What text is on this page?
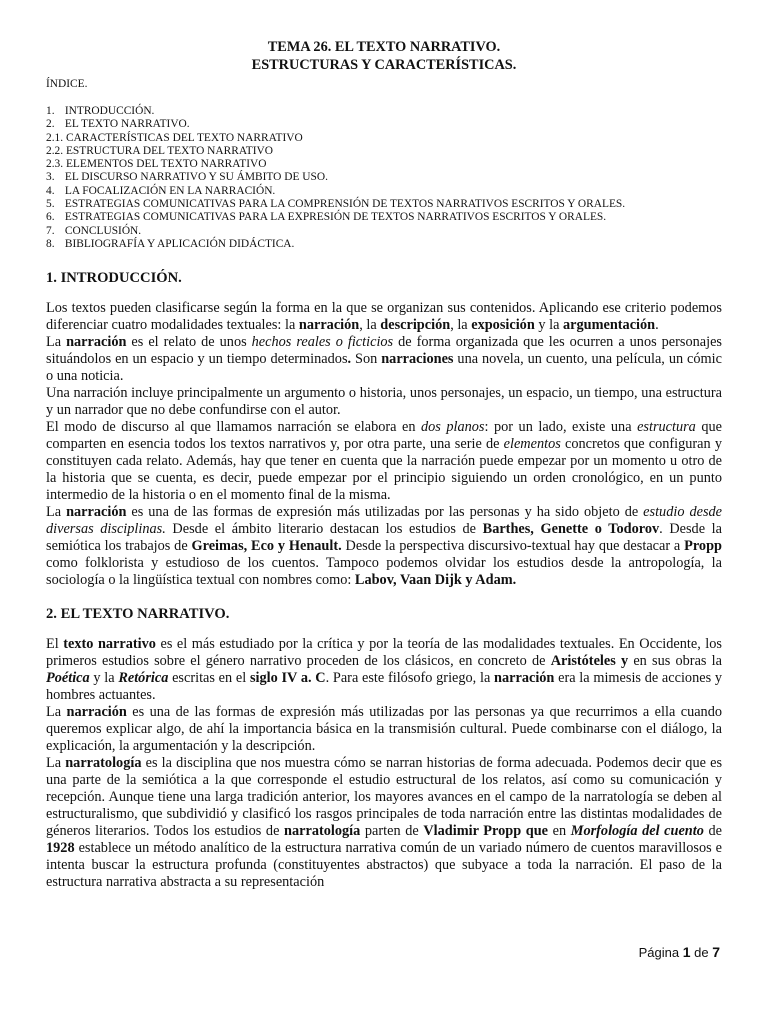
TEMA 26. EL TEXTO NARRATIVO.
ESTRUCTURAS Y CARACTERÍSTICAS.
ÍNDICE.
1. INTRODUCCIÓN.
2. EL TEXTO NARRATIVO.
2.1. CARACTERÍSTICAS DEL TEXTO NARRATIVO
2.2. ESTRUCTURA DEL TEXTO NARRATIVO
2.3. ELEMENTOS DEL TEXTO NARRATIVO
3. EL DISCURSO NARRATIVO Y SU ÁMBITO DE USO.
4. LA FOCALIZACIÓN EN LA NARRACIÓN.
5. ESTRATEGIAS COMUNICATIVAS PARA LA COMPRENSIÓN DE TEXTOS NARRATIVOS ESCRITOS Y ORALES.
6. ESTRATEGIAS COMUNICATIVAS PARA LA EXPRESIÓN DE TEXTOS NARRATIVOS ESCRITOS Y ORALES.
7. CONCLUSIÓN.
8. BIBLIOGRAFÍA Y APLICACIÓN DIDÁCTICA.
1. INTRODUCCIÓN.

Los textos pueden clasificarse según la forma en la que se organizan sus contenidos. Aplicando ese criterio podemos diferenciar cuatro modalidades textuales: la narración, la descripción, la exposición y la argumentación.

La narración es el relato de unos hechos reales o ficticios de forma organizada que les ocurren a unos personajes situándolos en un espacio y un tiempo determinados. Son narraciones una novela, un cuento, una película, un cómic o una noticia.

Una narración incluye principalmente un argumento o historia, unos personajes, un espacio, un tiempo, una estructura y un narrador que no debe confundirse con el autor.

El modo de discurso al que llamamos narración se elabora en dos planos: por un lado, existe una estructura que comparten en esencia todos los textos narrativos y, por otra parte, una serie de elementos concretos que configuran y constituyen cada relato. Además, hay que tener en cuenta que la narración puede empezar por un momento u otro de la historia que se cuenta, es decir, puede empezar por el principio siguiendo un orden cronológico, en un punto intermedio de la historia o en el momento final de la misma.

La narración es una de las formas de expresión más utilizadas por las personas y ha sido objeto de estudio desde diversas disciplinas. Desde el ámbito literario destacan los estudios de Barthes, Genette o Todorov. Desde la semiótica los trabajos de Greimas, Eco y Henault. Desde la perspectiva discursivo-textual hay que destacar a Propp como folklorista y estudioso de los cuentos. Tampoco podemos olvidar los estudios desde la antropología, la sociología o la lingüística textual con nombres como: Labov, Vaan Dijk y Adam.

2. EL TEXTO NARRATIVO.

El texto narrativo es el más estudiado por la crítica y por la teoría de las modalidades textuales. En Occidente, los primeros estudios sobre el género narrativo proceden de los clásicos, en concreto de Aristóteles y en sus obras la Poética y la Retórica escritas en el siglo IV a. C. Para este filósofo griego, la narración era la mimesis de acciones y hombres actuantes.

La narración es una de las formas de expresión más utilizadas por las personas ya que recurrimos a ella cuando queremos explicar algo, de ahí la importancia básica en la transmisión cultural. Puede combinarse con el diálogo, la explicación, la argumentación y la descripción.

La narratología es la disciplina que nos muestra cómo se narran historias de forma adecuada. Podemos decir que es una parte de la semiótica a la que corresponde el estudio estructural de los relatos, así como su comunicación y recepción. Aunque tiene una larga tradición anterior, los mayores avances en el campo de la narratología se deben al estructuralismo, que subdividió y clasificó los rasgos principales de toda narración entre las distintas modalidades de géneros literarios. Todos los estudios de narratología parten de Vladimir Propp que en Morfología del cuento de 1928 establece un método analítico de la estructura narrativa común de un variado número de cuentos maravillosos e intenta buscar la estructura profunda (constituyentes abstractos) que subyace a toda la narración. El paso de la estructura narrativa abstracta a su representación

Página 1 de 7
